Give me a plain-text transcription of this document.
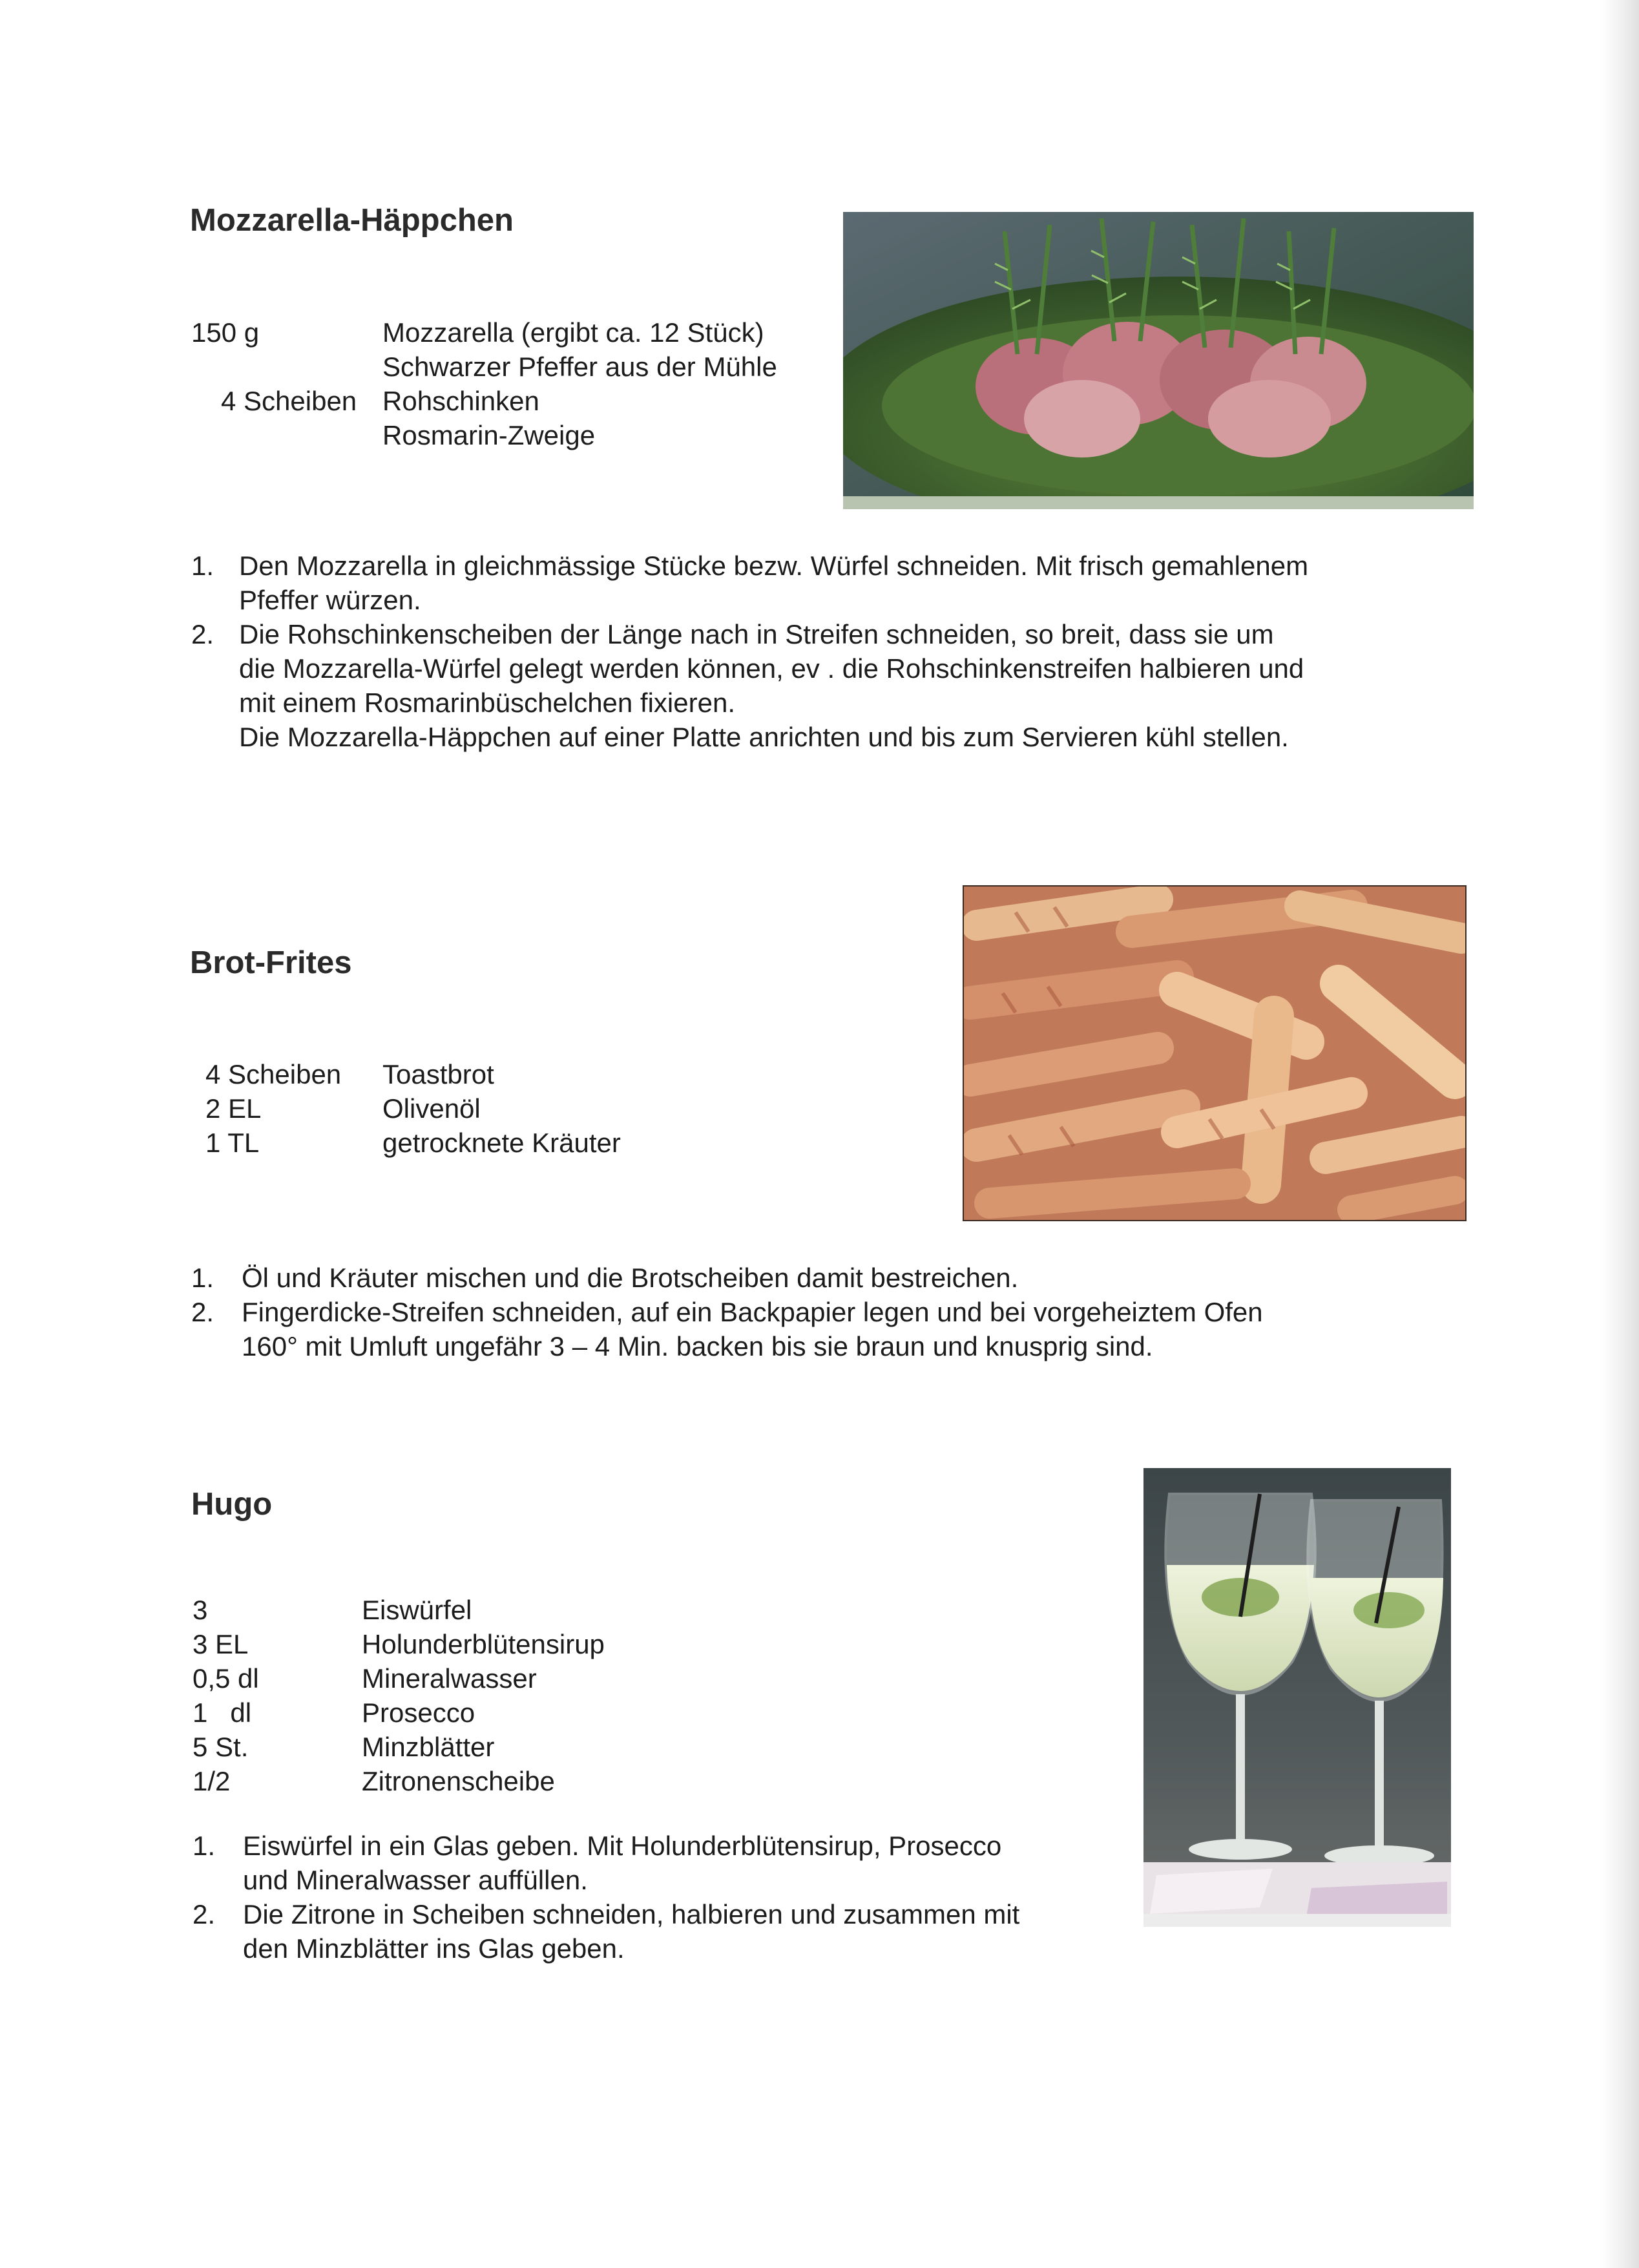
Mozzarella-Häppchen
150 g	Mozzarella (ergibt ca. 12 Stück)
Schwarzer Pfeffer aus der Mühle
4 Scheiben Rohschinken
Rosmarin-Zweige
1. Den Mozzarella in gleichmässige Stücke bezw. Würfel schneiden. Mit frisch gemahlenem
Pfeffer würzen.
2. Die Rohschinkenscheiben der Länge nach in Streifen schneiden, so breit, dass sie um
die Mozzarella-Würfel gelegt werden können, ev . die Rohschinkenstreifen halbieren und
mit einem Rosmarinbüschelchen fixieren.
Die Mozzarella-Häppchen auf einer Platte anrichten und bis zum Servieren kühl stellen.
Brot-Frites
4 Scheiben Toastbrot
2 EL	Olivenöl
1 TL	getrocknete Kräuter
1. Öl und Kräuter mischen und die Brotscheiben damit bestreichen.
2. Fingerdicke-Streifen schneiden, auf ein Backpapier legen und bei vorgeheiztem Ofen
160° mit Umluft ungefähr 3 – 4 Min. backen bis sie braun und knusprig sind.
Hugo
3	Eiswürfel
3 EL	Holunderblütensirup
0,5 dl	Mineralwasser
1   dl	Prosecco
5 St.	Minzblätter
1/2	Zitronenscheibe
1. Eiswürfel in ein Glas geben. Mit Holunderblütensirup, Prosecco
und Mineralwasser auffüllen.
2. Die Zitrone in Scheiben schneiden, halbieren und zusammen mit
den Minzblätter ins Glas geben.
